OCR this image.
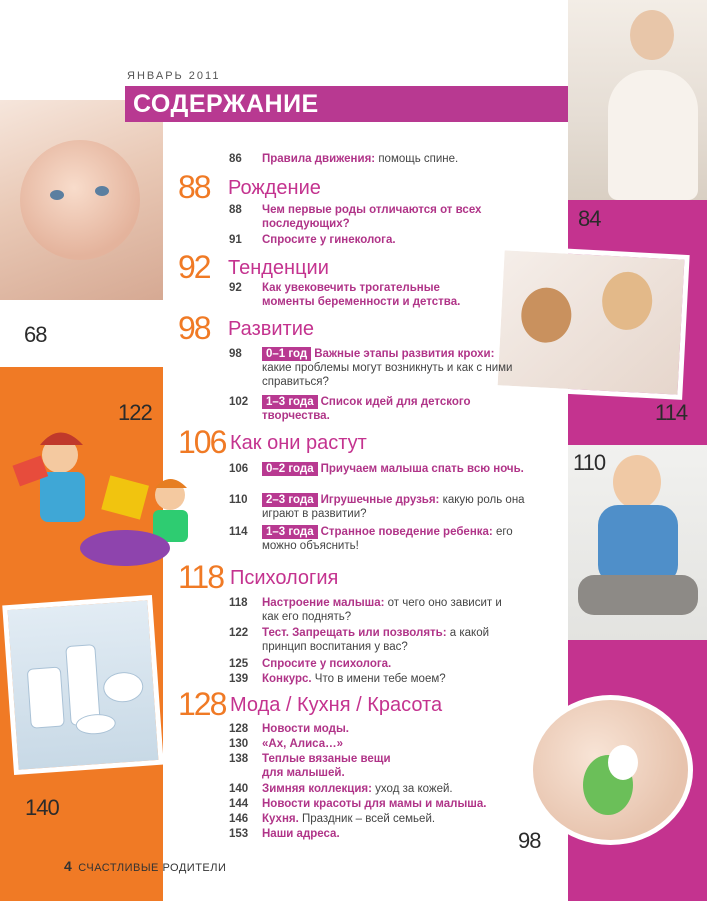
68
84
114
122
110
140
98
ЯНВАРЬ 2011
СОДЕРЖАНИЕ
86	Правила движения: помощь спине.
88 Рождение
88	Чем первые роды отличаются от всех последующих?
91	Спросите у гинеколога.
92 Тенденции
92	Как увековечить трогательные моменты беременности и детства.
98 Развитие
98	0–1 год Важные этапы развития крохи: какие проблемы могут возникнуть и как с ними справиться?
102	1–3 года Список идей для детского творчества.
106 Как они растут
106	0–2 года Приучаем малыша спать всю ночь.
110	2–3 года Игрушечные друзья: какую роль она играют в развитии?
114	1–3 года Странное поведение ребенка: его можно объяснить!
118 Психология
118	Настроение малыша: от чего оно зависит и как его поднять?
122	Тест. Запрещать или позволять: а какой принцип воспитания у вас?
125	Спросите у психолога.
139	Конкурс. Что в имени тебе моем?
128 Мода / Кухня / Красота
128	Новости моды.
130	«Ах, Алиса…»
138	Теплые вязаные вещи для малышей.
140	Зимняя коллекция: уход за кожей.
144	Новости красоты для мамы и малыша.
146	Кухня. Праздник – всей семьей.
153	Наши адреса.
4 СЧАСТЛИВЫЕ РОДИТЕЛИ
